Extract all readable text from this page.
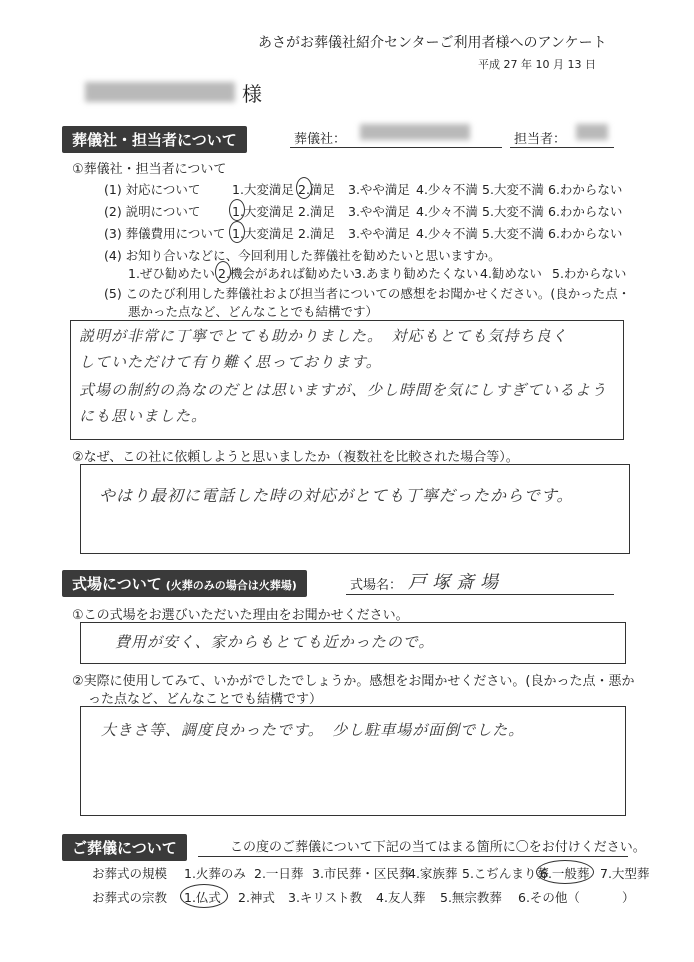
あさがお葬儀社紹介センターご利用者様へのアンケート
平成 27 年 10 月 13 日
様
葬儀社・担当者について	葬儀社：	担当者：
①葬儀社・担当者について
(1) 対応について	1.大変満足 2.満足 3.やや満足 4.少々不満 5.大変不満 6.わからない
(2) 説明について	1.大変満足 2.満足 3.やや満足 4.少々不満 5.大変不満 6.わからない
(3) 葬儀費用について 1.大変満足 2.満足 3.やや満足 4.少々不満 5.大変不満 6.わからない
(4) お知り合いなどに、今回利用した葬儀社を勧めたいと思いますか。
1.ぜひ勧めたい 2.機会があれば勧めたい 3.あまり勧めたくない 4.勧めない 5.わからない
(5) このたび利用した葬儀社および担当者についての感想をお聞かせください。(良かった点・
悪かった点など、どんなことでも結構です）
説明が非常に丁寧でとても助かりました。　対応もとても気持ち良く
していただけて有り難く思っております。
式場の制約の為なのだとは思いますが、少し時間を気にしすぎているよう
にも思いました。
②なぜ、この社に依頼しようと思いましたか（複数社を比較された場合等）。
やはり最初に電話した時の対応がとても丁寧だったからです。
式場について (火葬のみの場合は火葬場)	式場名： 戸塚斎場
①この式場をお選びいただいた理由をお聞かせください。
費用が安く、家からもとても近かったので。
②実際に使用してみて、いかがでしたでしょうか。感想をお聞かせください。(良かった点・悪か
った点など、どんなことでも結構です）
大きさ等、調度良かったです。　少し駐車場が面倒でした。
ご葬儀について	この度のご葬儀について下記の当てはまる箇所に〇をお付けください。
お葬式の規模 1.火葬のみ 2.一日葬 3.市民葬・区民葬
4.家族葬 5.こぢんまり葬
6.一般葬 7.大型葬
お葬式の宗教 1.仏式 2.神式 3.キリスト教 4.友人葬 5.無宗教葬 6.その他（	）
